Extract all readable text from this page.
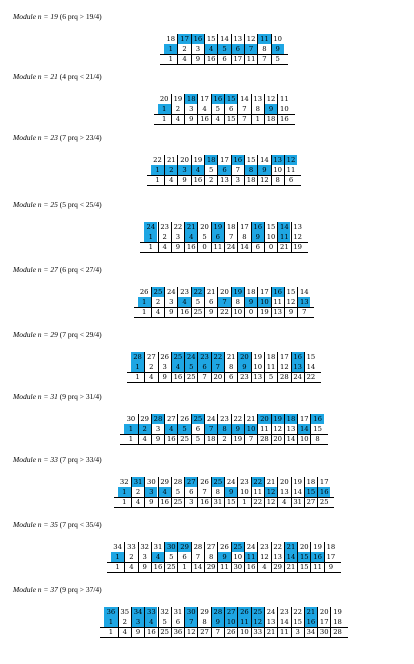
Module n = 19 (6 prq > 19/4)
18 17 16 15 14 13 12 11 10
1	2	3	4	5	6	7	8	9
1	4	9 16	6 17 11	7	5
Module n = 21 (4 prq < 21/4)
20 19 18 17 16 15 14 13 12 11
1	2	3	4	5	6	7	8	9 10
1	4	9 16	4	15	7	1 18 16
Module n = 23 (7 prq > 23/4)
22 21 20 19 18 17 16 15 14 13 12
1	2	3	4	5	6	7	8	9 10 11
1	4	9	16	2 13	3 18 12	8	6
Module n = 25 (5 prq < 25/4)
24 23 22 21 20 19 18 17 16 15 14 13
1	2	3	4	5	6	7	8	9 10 11 12
1	4	9 16	0 11 24 14	6	0 21 19
Module n = 27 (6 prq < 27/4)
26 25 24 23 22 21 20 19 18 17 16 15 14
1	2	3	4	5	6	7	8	9	10 11 12 13
1	4	9 16 25	9 22 10	0	19 13	9	7
Module n = 29 (7 prq < 29/4)
28 27 26 25 24 23 22 21 20 19 18 17 16 15
1	2	3	4	5	6	7	8	9 10 11 12 13 14
1	4	9 16 25	7 20	6 23 13	5 28 24 22
Module n = 31 (9 prq > 31/4)
30 29 28 27 26 25 24 23 22 21 20 19 18 17 16
1	2	3	4	5	6	7	8	9 10 11 12 13 14 15
1	4	9 16 25	5 18	2 19	7	28 20 14 10	8
Module n = 33 (7 prq > 33/4)
32 31 30 29 28 27 26 25 24 23 22 21 20 19 18 17
1	2	3	4	5	6	7	8	9 10 11 12 13 14 15 16
1	4	9	16 25	3 16 31 15	1 22 12	4	31 27 25
Module n = 35 (7 prq < 35/4)
34 33 32 31 30 29 28 27 26 25 24 23 22 21 20 19 18
1	2	3	4	5	6	7	8	9 10 11 12 13 14 15 16 17
1	4	9 16 25	1	14 29 11 30 16	4 29 21 15 11	9
Module n = 37 (9 prq > 37/4)
36 35 34 33 32 31 30 29 28 27 26 25 24 23 22 21 20 19
1	2	3	4	5	6	7	8	9	10 11 12 13 14 15 16 17 18
1	4	9 16 25 36 12 27	7	26 10 33 21 11	3 34 30 28
